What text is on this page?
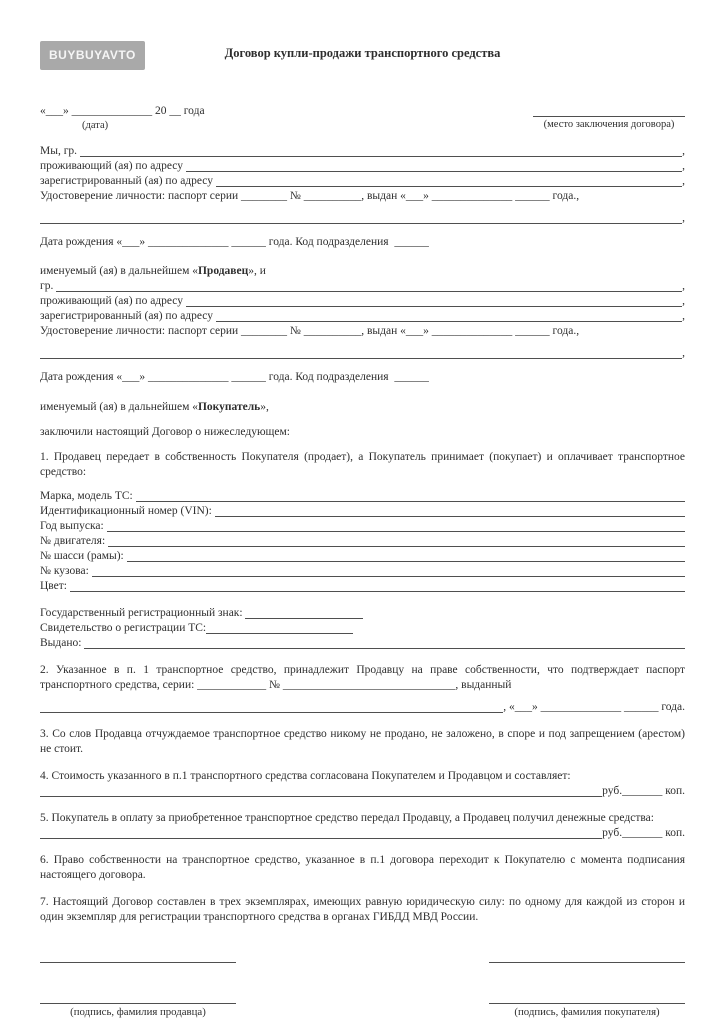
BUYBUYAVTO	Договор купли-продажи транспортного средства
«___» ______________ 20 __ года
(дата)	(место заключения договора)
Мы, гр.	,
проживающий (ая) по адресу	,
зарегистрированный (ая) по адресу	,
Удостоверение личности: паспорт серии ________ № __________, выдан «___» ______________ ______ года.,
,
Дата рождения «___» ______________ ______ года. Код подразделения  ______

именуемый (ая) в дальнейшем «Продавец», и

гр.	,
проживающий (ая) по адресу	,
зарегистрированный (ая) по адресу	,
Удостоверение личности: паспорт серии ________ № __________, выдан «___» ______________ ______ года.,
,
Дата рождения «___» ______________ ______ года. Код подразделения  ______

именуемый (ая) в дальнейшем «Покупатель»,

заключили настоящий Договор о нижеследующем:

1. Продавец передает в собственность Покупателя (продает), а Покупатель принимает (покупает) и оплачивает транспортное средство:

Марка, модель ТС:
Идентификационный номер (VIN):
Год выпуска:
№ двигателя:
№ шасси (рамы):
№ кузова:
Цвет:
Государственный регистрационный знак:
Свидетельство о регистрации ТС:
Выдано:

2. Указанное в п. 1 транспортное средство, принадлежит Продавцу на праве собственности, что подтверждает паспорт транспортного средства, серии: ____________ № ______________________________, выданный

, «___» ______________ ______ года.

3. Со слов Продавца отчуждаемое транспортное средство никому не продано, не заложено, в споре и под запрещением (арестом) не стоит.

4. Стоимость указанного в п.1 транспортного средства согласована Покупателем и Продавцом и составляет:

руб._______ коп.

5. Покупатель в оплату за приобретенное транспортное средство передал Продавцу, а Продавец получил денежные средства:

руб._______ коп.

6. Право собственности на транспортное средство, указанное в п.1 договора переходит к Покупателю с момента подписания настоящего договора.

7. Настоящий Договор составлен в трех экземплярах, имеющих равную юридическую силу: по одному для каждой из сторон и один экземпляр для регистрации транспортного средства в органах ГИБДД МВД России.

(подпись, фамилия продавца)	(подпись, фамилия покупателя)
